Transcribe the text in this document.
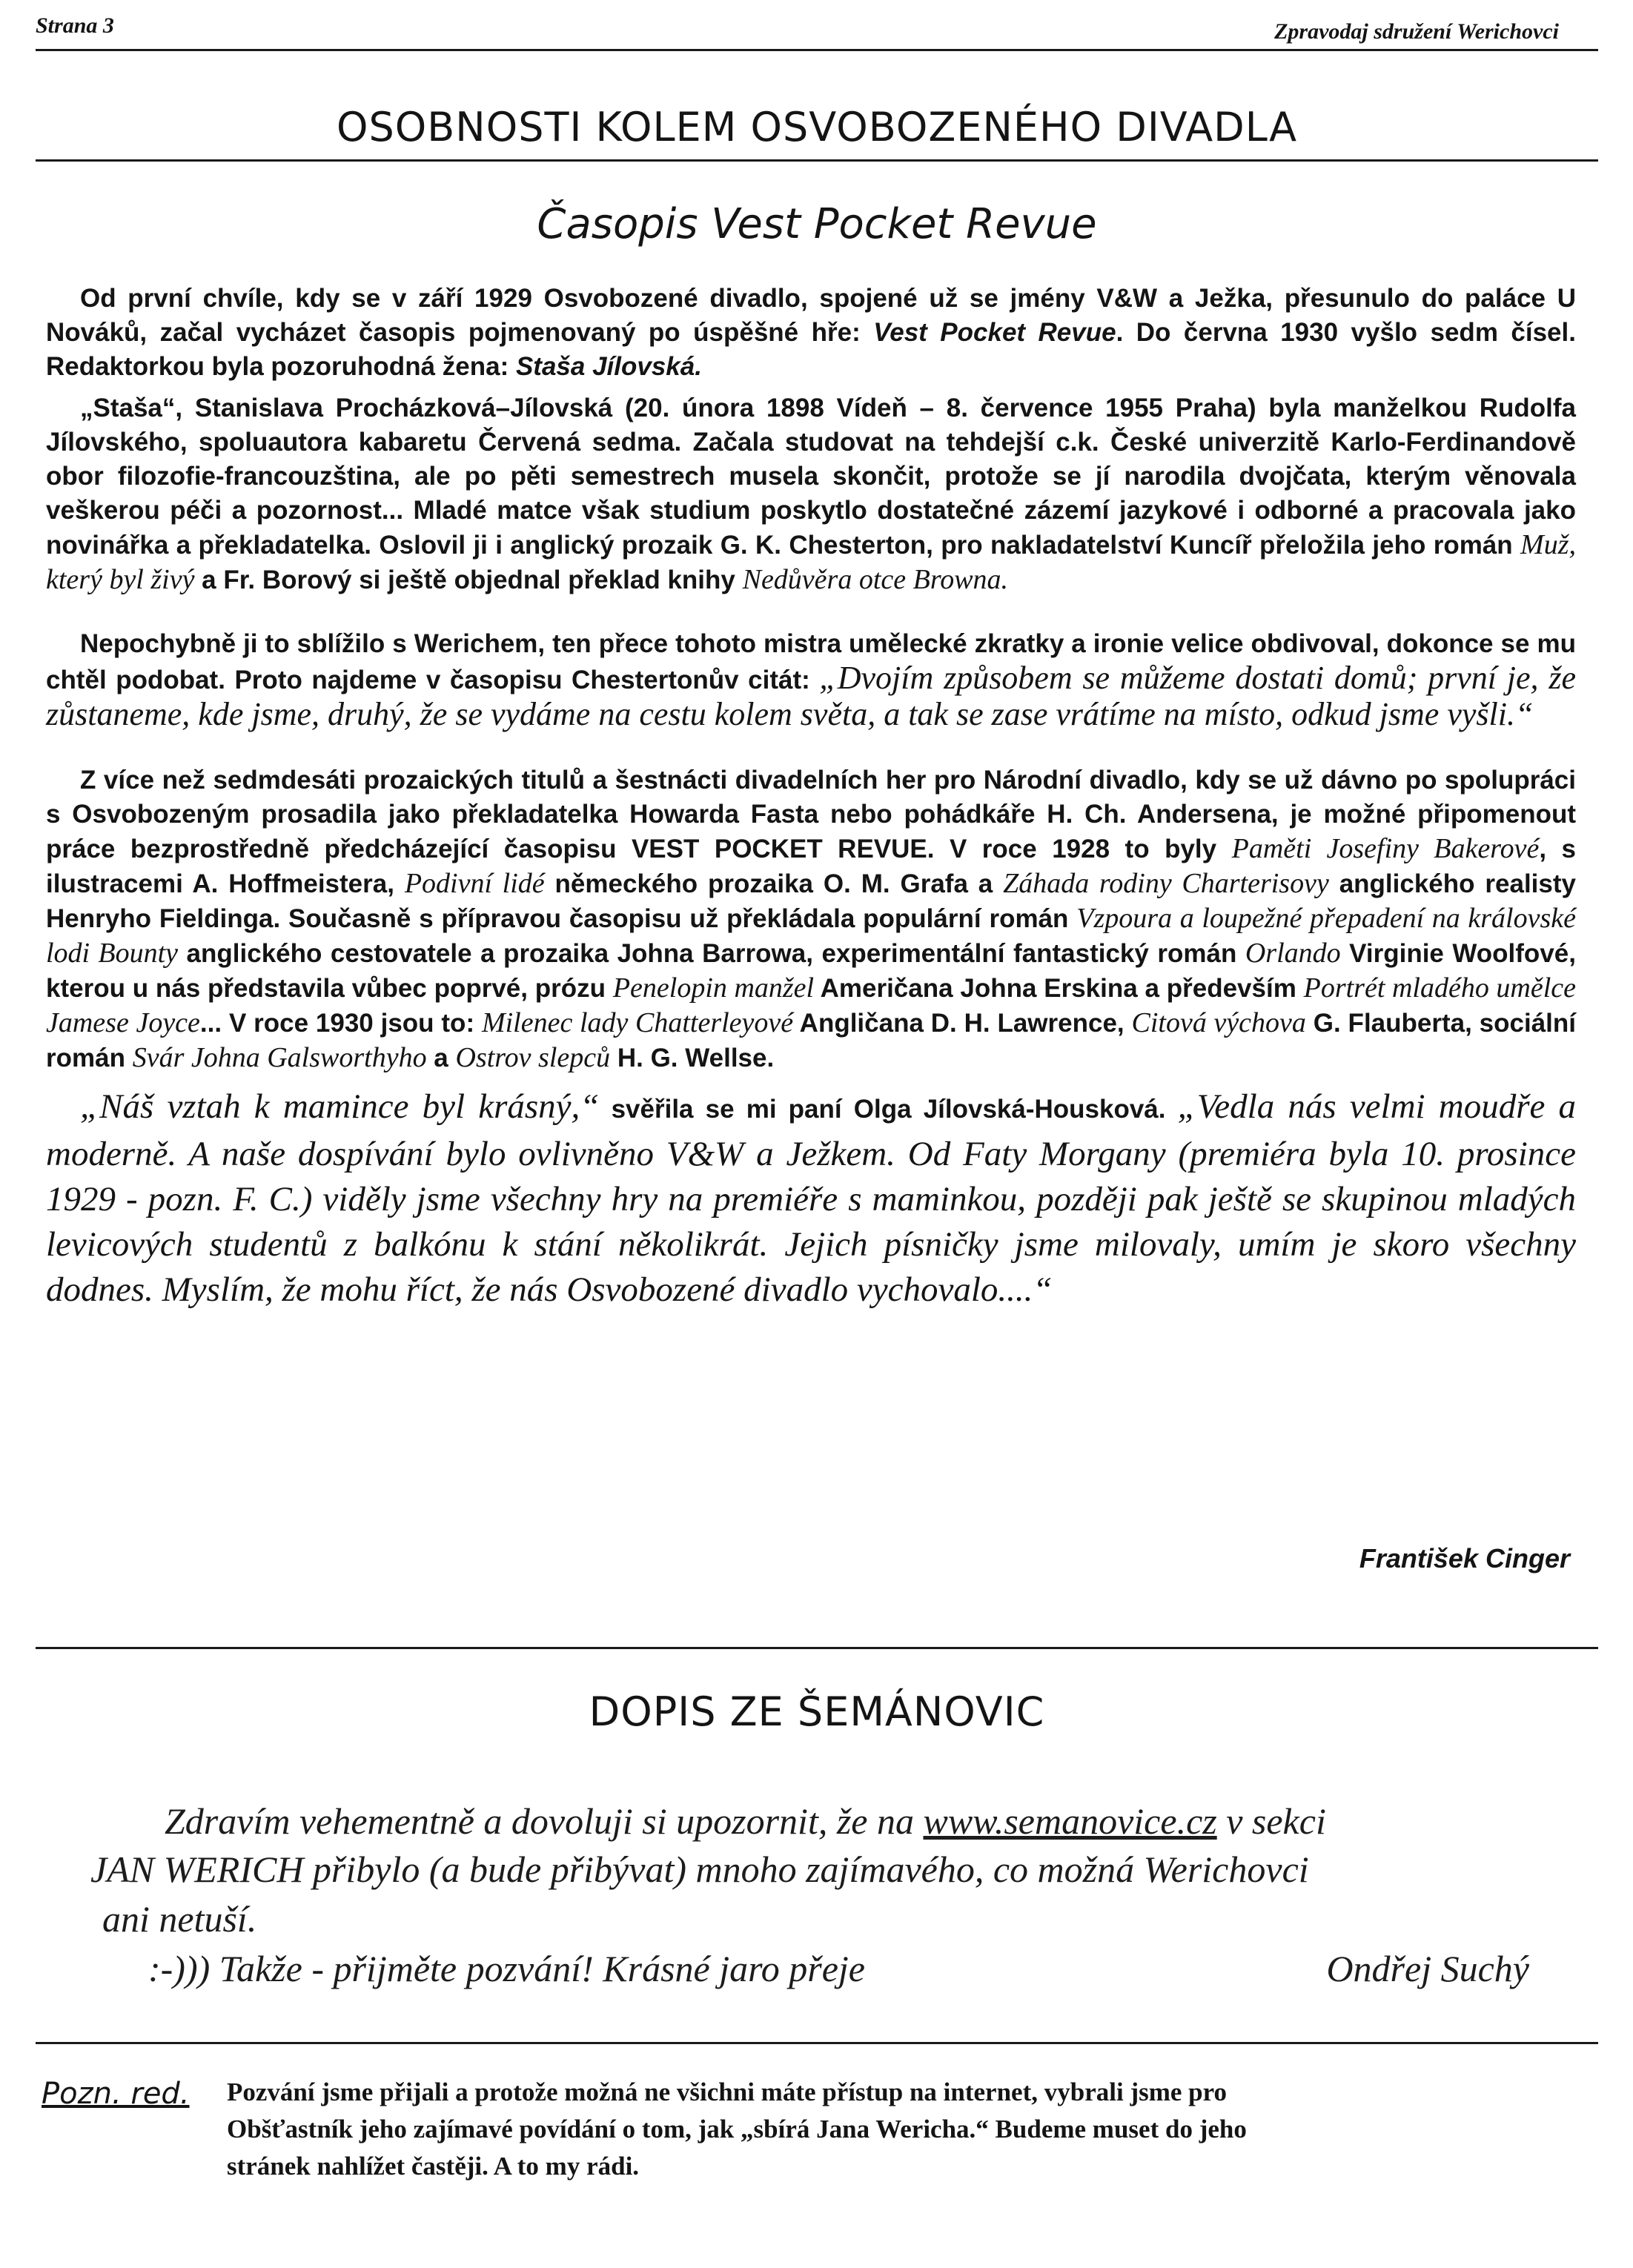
Strana 3	Zpravodaj sdružení Werichovci
OSOBNOSTI KOLEM OSVOBOZENÉHO DIVADLA
Časopis Vest Pocket Revue

Od první chvíle, kdy se v září 1929 Osvobozené divadlo, spojené už se jmény V&W a Ježka, přesunulo do paláce U Nováků, začal vycházet časopis pojmenovaný po úspěšné hře: Vest Pocket Revue. Do června 1930 vyšlo sedm čísel. Redaktorkou byla pozoruhodná žena: Staša Jílovská.

„Staša“, Stanislava Procházková–Jílovská (20. února 1898 Vídeň – 8. července 1955 Praha) byla manželkou Rudolfa Jílovského, spoluautora kabaretu Červená sedma. Začala studovat na tehdejší c.k. České univerzitě Karlo-Ferdinandově obor filozofie-francouzština, ale po pěti semestrech musela skončit, protože se jí narodila dvojčata, kterým věnovala veškerou péči a pozornost... Mladé matce však studium poskytlo dostatečné zázemí jazykové i odborné a pracovala jako novinářka a překladatelka. Oslovil ji i anglický prozaik G. K. Chesterton, pro nakladatelství Kuncíř přeložila jeho román Muž, který byl živý a Fr. Borový si ještě objednal překlad knihy Nedůvěra otce Browna.

Nepochybně ji to sblížilo s Werichem, ten přece tohoto mistra umělecké zkratky a ironie velice obdivoval, dokonce se mu chtěl podobat. Proto najdeme v časopisu Chestertonův citát: „Dvojím způsobem se můžeme dostati domů; první je, že zůstaneme, kde jsme, druhý, že se vydáme na cestu kolem světa, a tak se zase vrátíme na místo, odkud jsme vyšli.“

Z více než sedmdesáti prozaických titulů a šestnácti divadelních her pro Národní divadlo, kdy se už dávno po spolupráci s Osvobozeným prosadila jako překladatelka Howarda Fasta nebo pohádkáře H. Ch. Andersena, je možné připomenout práce bezprostředně předcházející časopisu VEST POCKET REVUE. V roce 1928 to byly Paměti Josefiny Bakerové, s ilustracemi A. Hoffmeistera, Podivní lidé německého prozaika O. M. Grafa a Záhada rodiny Charterisovy anglického realisty Henryho Fieldinga. Současně s přípravou časopisu už překládala populární román Vzpoura a loupežné přepadení na královské lodi Bounty anglického cestovatele a prozaika Johna Barrowa, experimentální fantastický román Orlando Virginie Woolfové, kterou u nás představila vůbec poprvé, prózu Penelopin manžel Američana Johna Erskina a především Portrét mladého umělce Jamese Joyce... V roce 1930 jsou to: Milenec lady Chatterleyové Angličana D. H. Lawrence, Citová výchova G. Flauberta, sociální román Svár Johna Galsworthyho a Ostrov slepců H. G. Wellse.

„Náš vztah k mamince byl krásný,“ svěřila se mi paní Olga Jílovská-Housková. „Vedla nás velmi moudře a moderně. A naše dospívání bylo ovlivněno V&W a Ježkem. Od Faty Morgany (premiéra byla 10. prosince 1929 - pozn. F. C.) viděly jsme všechny hry na premiéře s maminkou, později pak ještě se skupinou mladých levicových studentů z balkónu k stání několikrát. Jejich písničky jsme milovaly, umím je skoro všechny dodnes. Myslím, že mohu říct, že nás Osvobozené divadlo vychovalo....“

František Cinger
DOPIS ZE ŠEMÁNOVIC
Zdravím vehementně a dovoluji si upozornit, že na www.semanovice.cz v sekci
JAN WERICH přibylo (a bude přibývat) mnoho zajímavého, co možná Werichovci
ani netuší.
:-))) Takže - přijměte pozvání! Krásné jaro přeje	Ondřej Suchý
Pozn. red. Pozvání jsme přijali a protože možná ne všichni máte přístup na internet, vybrali jsme pro
Obšťastník jeho zajímavé povídání o tom, jak „sbírá Jana Wericha.“ Budeme muset do jeho
stránek nahlížet častěji. A to my rádi.
